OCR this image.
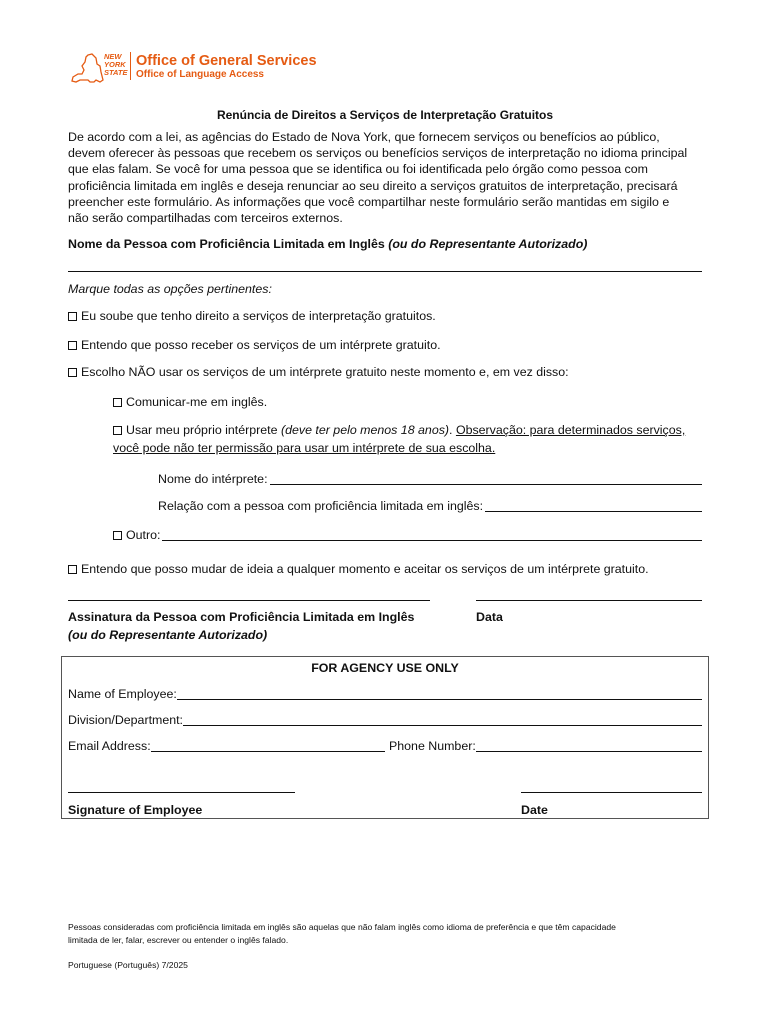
NEW
YORK
STATE
Office of General Services
Office of Language Access
Renúncia de Direitos a Serviços de Interpretação Gratuitos
De acordo com a lei, as agências do Estado de Nova York, que fornecem serviços ou benefícios ao público,
devem oferecer às pessoas que recebem os serviços ou benefícios serviços de interpretação no idioma principal
que elas falam. Se você for uma pessoa que se identifica ou foi identificada pelo órgão como pessoa com
proficiência limitada em inglês e deseja renunciar ao seu direito a serviços gratuitos de interpretação, precisará
preencher este formulário. As informações que você compartilhar neste formulário serão mantidas em sigilo e
não serão compartilhadas com terceiros externos.
Nome da Pessoa com Proficiência Limitada em Inglês (ou do Representante Autorizado)
Marque todas as opções pertinentes:
Eu soube que tenho direito a serviços de interpretação gratuitos.
Entendo que posso receber os serviços de um intérprete gratuito.
Escolho NÃO usar os serviços de um intérprete gratuito neste momento e, em vez disso:
Comunicar-me em inglês.
Usar meu próprio intérprete (deve ter pelo menos 18 anos). Observação: para determinados serviços,
você pode não ter permissão para usar um intérprete de sua escolha.
Nome do intérprete:
Relação com a pessoa com proficiência limitada em inglês:
Outro:
Entendo que posso mudar de ideia a qualquer momento e aceitar os serviços de um intérprete gratuito.
Assinatura da Pessoa com Proficiência Limitada em Inglês
(ou do Representante Autorizado)
Data
FOR AGENCY USE ONLY
Name of Employee:
Division/Department:
Email Address:	Phone Number:
Signature of Employee	Date
Pessoas consideradas com proficiência limitada em inglês são aquelas que não falam inglês como idioma de preferência e que têm capacidade
limitada de ler, falar, escrever ou entender o inglês falado.
Portuguese (Português) 7/2025
